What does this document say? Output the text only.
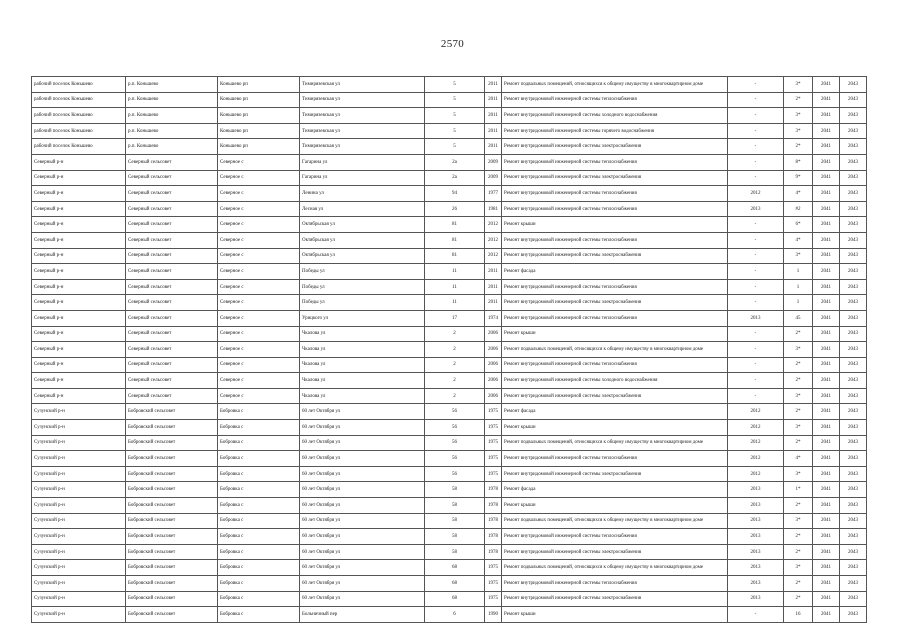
2570
рабочий поселок Коньшево	р.п. Коньшево	Коньшево рп	Тимирязевская ул	5	2011	Ремонт подвальных помещений, относящихся к общему имуществу в многоквартирном доме	-	3*	2041	2043
рабочий поселок Коньшево	р.п. Коньшево	Коньшево рп	Тимирязевская ул	5	2011	Ремонт внутридомовой инженерной системы теплоснабжения	-	2*	2041	2043
рабочий поселок Коньшево	р.п. Коньшево	Коньшево рп	Тимирязевская ул	5	2011	Ремонт внутридомовой инженерной системы холодного водоснабжения	-	3*	2041	2043
рабочий поселок Коньшево	р.п. Коньшево	Коньшево рп	Тимирязевская ул	5	2011	Ремонт внутридомовой инженерной системы горячего водоснабжения	-	3*	2041	2043
рабочий поселок Коньшево	р.п. Коньшево	Коньшево рп	Тимирязевская ул	5	2011	Ремонт внутридомовой инженерной системы электроснабжения	-	2*	2041	2043
Северный р-н	Северный сельсовет	Северное с	Гагарина ул	2а	2009	Ремонт внутридомовой инженерной системы теплоснабжения	-	8*	2041	2043
Северный р-н	Северный сельсовет	Северное с	Гагарина ул	2а	2009	Ремонт внутридомовой инженерной системы электроснабжения	-	9*	2041	2043
Северный р-н	Северный сельсовет	Северное с	Ленина ул	94	1977	Ремонт внутридомовой инженерной системы теплоснабжения	2012	4*	2041	2043
Северный р-н	Северный сельсовет	Северное с	Лесная ул	26	1981	Ремонт внутридомовой инженерной системы теплоснабжения	2013	#2	2041	2043
Северный р-н	Северный сельсовет	Северное с	Октябрьская ул	81	2012	Ремонт крыши	-	6*	2041	2043
Северный р-н	Северный сельсовет	Северное с	Октябрьская ул	81	2012	Ремонт внутридомовой инженерной системы теплоснабжения	-	4*	2041	2043
Северный р-н	Северный сельсовет	Северное с	Октябрьская ул	81	2012	Ремонт внутридомовой инженерной системы электроснабжения	-	3*	2041	2043
Северный р-н	Северный сельсовет	Северное с	Победы ул	11	2011	Ремонт фасада	-	1	2041	2043
Северный р-н	Северный сельсовет	Северное с	Победы ул	11	2011	Ремонт внутридомовой инженерной системы теплоснабжения	-	1	2041	2043
Северный р-н	Северный сельсовет	Северное с	Победы ул	11	2011	Ремонт внутридомовой инженерной системы электроснабжения	-	1	2041	2043
Северный р-н	Северный сельсовет	Северное с	Урицкого ул	17	1974	Ремонт внутридомовой инженерной системы теплоснабжения	2013	45	2041	2043
Северный р-н	Северный сельсовет	Северное с	Чкалова ул	2	2006	Ремонт крыши	-	2*	2041	2043
Северный р-н	Северный сельсовет	Северное с	Чкалова ул	2	2006	Ремонт подвальных помещений, относящихся к общему имуществу в многоквартирном доме	-	3*	2041	2043
Северный р-н	Северный сельсовет	Северное с	Чкалова ул	2	2006	Ремонт внутридомовой инженерной системы теплоснабжения	-	2*	2041	2043
Северный р-н	Северный сельсовет	Северное с	Чкалова ул	2	2006	Ремонт внутридомовой инженерной системы холодного водоснабжения	-	2*	2041	2043
Северный р-н	Северный сельсовет	Северное с	Чкалова ул	2	2006	Ремонт внутридомовой инженерной системы электроснабжения	-	3*	2041	2043
Сузунский р-н	Бобровский сельсовет	Бобровка с	60 лет Октября ул	56	1975	Ремонт фасада	2012	2*	2041	2043
Сузунский р-н	Бобровский сельсовет	Бобровка с	60 лет Октября ул	56	1975	Ремонт крыши	2012	3*	2041	2043
Сузунский р-н	Бобровский сельсовет	Бобровка с	60 лет Октября ул	56	1975	Ремонт подвальных помещений, относящихся к общему имуществу в многоквартирном доме	2012	2*	2041	2043
Сузунский р-н	Бобровский сельсовет	Бобровка с	60 лет Октября ул	56	1975	Ремонт внутридомовой инженерной системы теплоснабжения	2012	4*	2041	2043
Сузунский р-н	Бобровский сельсовет	Бобровка с	60 лет Октября ул	56	1975	Ремонт внутридомовой инженерной системы электроснабжения	2012	3*	2041	2043
Сузунский р-н	Бобровский сельсовет	Бобровка с	60 лет Октября ул	58	1978	Ремонт фасада	2013	1*	2041	2043
Сузунский р-н	Бобровский сельсовет	Бобровка с	60 лет Октября ул	58	1978	Ремонт крыши	2013	2*	2041	2043
Сузунский р-н	Бобровский сельсовет	Бобровка с	60 лет Октября ул	58	1978	Ремонт подвальных помещений, относящихся к общему имуществу в многоквартирном доме	2013	3*	2041	2043
Сузунский р-н	Бобровский сельсовет	Бобровка с	60 лет Октября ул	58	1978	Ремонт внутридомовой инженерной системы теплоснабжения	2013	2*	2041	2043
Сузунский р-н	Бобровский сельсовет	Бобровка с	60 лет Октября ул	58	1978	Ремонт внутридомовой инженерной системы электроснабжения	2013	2*	2041	2043
Сузунский р-н	Бобровский сельсовет	Бобровка с	60 лет Октября ул	68	1975	Ремонт подвальных помещений, относящихся к общему имуществу в многоквартирном доме	2013	3*	2041	2043
Сузунский р-н	Бобровский сельсовет	Бобровка с	60 лет Октября ул	68	1975	Ремонт внутридомовой инженерной системы теплоснабжения	2013	2*	2041	2043
Сузунский р-н	Бобровский сельсовет	Бобровка с	60 лет Октября ул	68	1975	Ремонт внутридомовой инженерной системы электроснабжения	2013	2*	2041	2043
Сузунский р-н	Бобровский сельсовет	Бобровка с	Больничный пер	6	1990	Ремонт крыши	-	16	2041	2043
